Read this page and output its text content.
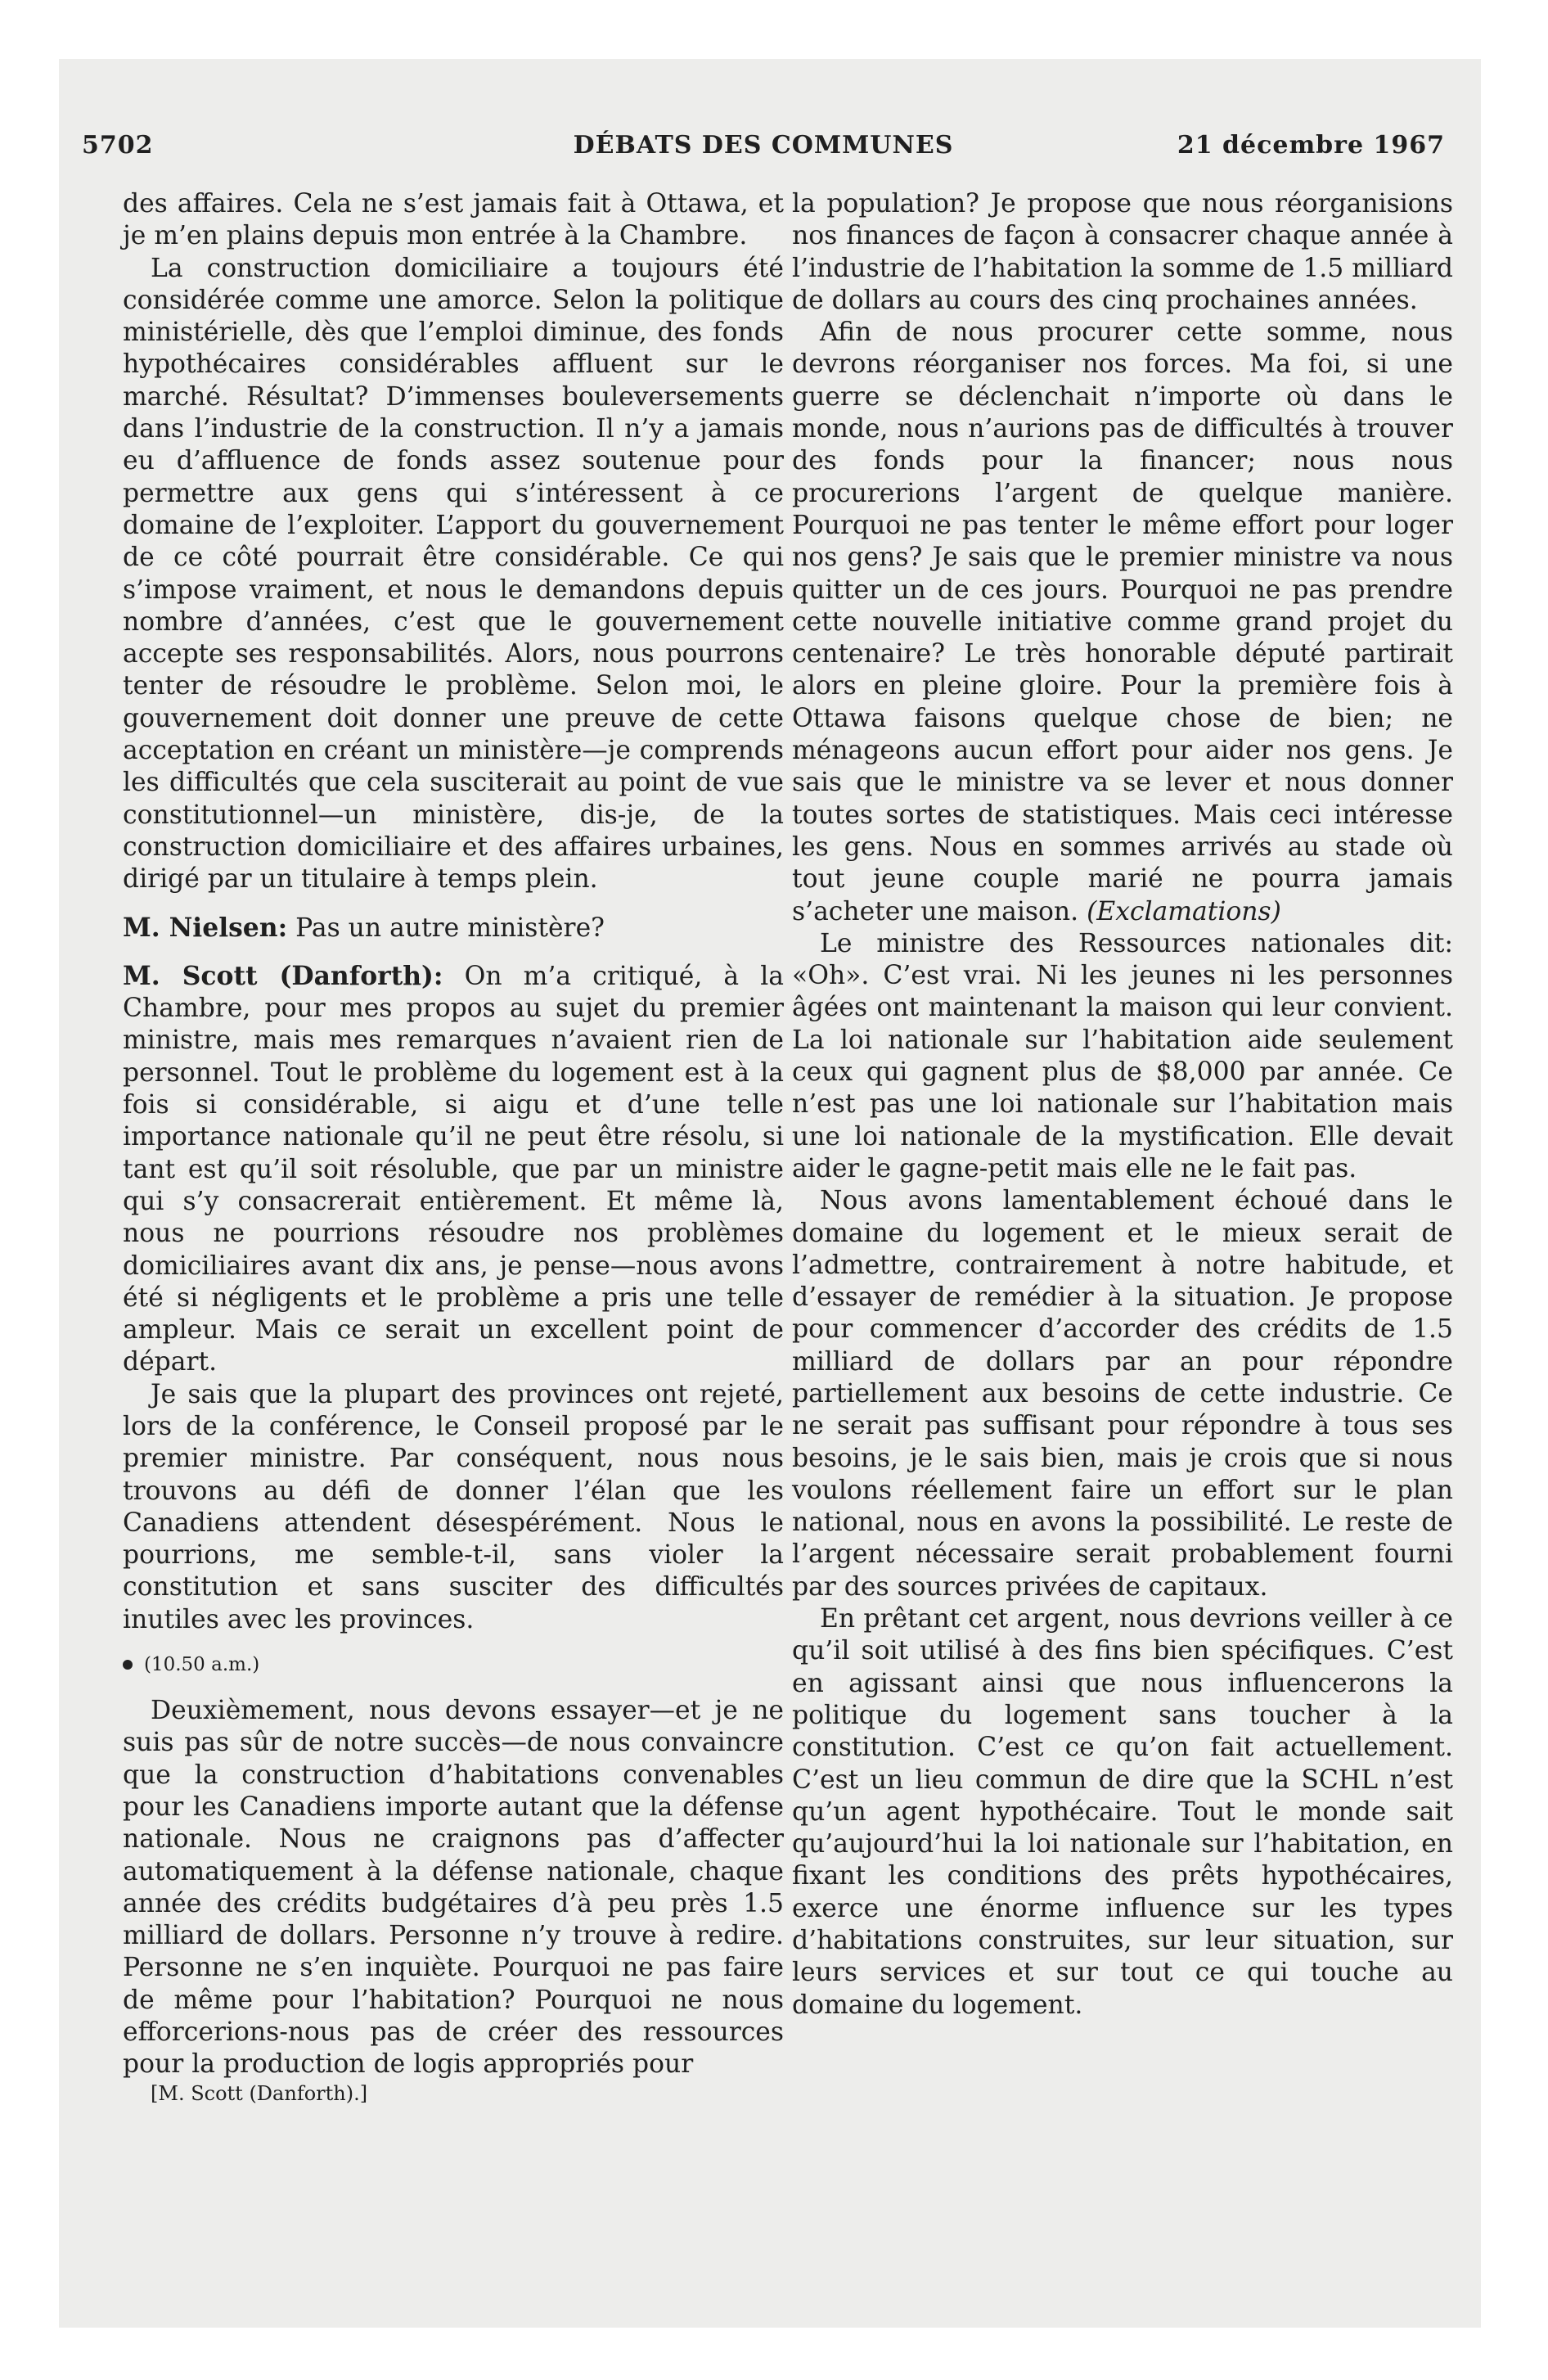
DÉBATS DES COMMUNES
5702	21 décembre 1967

des affaires. Cela ne s’est jamais fait à Ottawa, et je m’en plains depuis mon entrée à la Chambre.

La construction domiciliaire a toujours été considérée comme une amorce. Selon la politique ministérielle, dès que l’emploi diminue, des fonds hypothécaires considérables affluent sur le marché. Résultat? D’immenses bouleversements dans l’industrie de la construction. Il n’y a jamais eu d’affluence de fonds assez soutenue pour permettre aux gens qui s’intéressent à ce domaine de l’exploiter. L’apport du gouvernement de ce côté pourrait être considérable. Ce qui s’impose vraiment, et nous le demandons depuis nombre d’années, c’est que le gouvernement accepte ses responsabilités. Alors, nous pourrons tenter de résoudre le problème. Selon moi, le gouvernement doit donner une preuve de cette acceptation en créant un ministère—je comprends les difficultés que cela susciterait au point de vue constitutionnel—un ministère, dis-je, de la construction domiciliaire et des affaires urbaines, dirigé par un titulaire à temps plein.

M. Nielsen: Pas un autre ministère?

M. Scott (Danforth): On m’a critiqué, à la Chambre, pour mes propos au sujet du premier ministre, mais mes remarques n’avaient rien de personnel. Tout le problème du logement est à la fois si considérable, si aigu et d’une telle importance nationale qu’il ne peut être résolu, si tant est qu’il soit résoluble, que par un ministre qui s’y consacrerait entièrement. Et même là, nous ne pourrions résoudre nos problèmes domiciliaires avant dix ans, je pense—nous avons été si négligents et le problème a pris une telle ampleur. Mais ce serait un excellent point de départ.

Je sais que la plupart des provinces ont rejeté, lors de la conférence, le Conseil proposé par le premier ministre. Par conséquent, nous nous trouvons au défi de donner l’élan que les Canadiens attendent désespérément. Nous le pourrions, me semble-t-il, sans violer la constitution et sans susciter des difficultés inutiles avec les provinces.

(10.50 a.m.)

Deuxièmement, nous devons essayer—et je ne suis pas sûr de notre succès—de nous convaincre que la construction d’habitations convenables pour les Canadiens importe autant que la défense nationale. Nous ne craignons pas d’affecter automatiquement à la défense nationale, chaque année des crédits budgétaires d’à peu près 1.5 milliard de dollars. Personne n’y trouve à redire. Personne ne s’en inquiète. Pourquoi ne pas faire de même pour l’habitation? Pourquoi ne nous efforcerions-nous pas de créer des ressources pour la production de logis appropriés pour

[M. Scott (Danforth).]

la population? Je propose que nous réorganisions nos finances de façon à consacrer chaque année à l’industrie de l’habitation la somme de 1.5 milliard de dollars au cours des cinq prochaines années.

Afin de nous procurer cette somme, nous devrons réorganiser nos forces. Ma foi, si une guerre se déclenchait n’importe où dans le monde, nous n’aurions pas de difficultés à trouver des fonds pour la financer; nous nous procurerions l’argent de quelque manière. Pourquoi ne pas tenter le même effort pour loger nos gens? Je sais que le premier ministre va nous quitter un de ces jours. Pourquoi ne pas prendre cette nouvelle initiative comme grand projet du centenaire? Le très honorable député partirait alors en pleine gloire. Pour la première fois à Ottawa faisons quelque chose de bien; ne ménageons aucun effort pour aider nos gens. Je sais que le ministre va se lever et nous donner toutes sortes de statistiques. Mais ceci intéresse les gens. Nous en sommes arrivés au stade où tout jeune couple marié ne pourra jamais s’acheter une maison. (Exclamations)

Le ministre des Ressources nationales dit: «Oh». C’est vrai. Ni les jeunes ni les personnes âgées ont maintenant la maison qui leur convient. La loi nationale sur l’habitation aide seulement ceux qui gagnent plus de $8,000 par année. Ce n’est pas une loi nationale sur l’habitation mais une loi nationale de la mystification. Elle devait aider le gagne-petit mais elle ne le fait pas.

Nous avons lamentablement échoué dans le domaine du logement et le mieux serait de l’admettre, contrairement à notre habitude, et d’essayer de remédier à la situation. Je propose pour commencer d’accorder des crédits de 1.5 milliard de dollars par an pour répondre partiellement aux besoins de cette industrie. Ce ne serait pas suffisant pour répondre à tous ses besoins, je le sais bien, mais je crois que si nous voulons réellement faire un effort sur le plan national, nous en avons la possibilité. Le reste de l’argent nécessaire serait probablement fourni par des sources privées de capitaux.

En prêtant cet argent, nous devrions veiller à ce qu’il soit utilisé à des fins bien spécifiques. C’est en agissant ainsi que nous influencerons la politique du logement sans toucher à la constitution. C’est ce qu’on fait actuellement. C’est un lieu commun de dire que la SCHL n’est qu’un agent hypothécaire. Tout le monde sait qu’aujourd’hui la loi nationale sur l’habitation, en fixant les conditions des prêts hypothécaires, exerce une énorme influence sur les types d’habitations construites, sur leur situation, sur leurs services et sur tout ce qui touche au domaine du logement.
